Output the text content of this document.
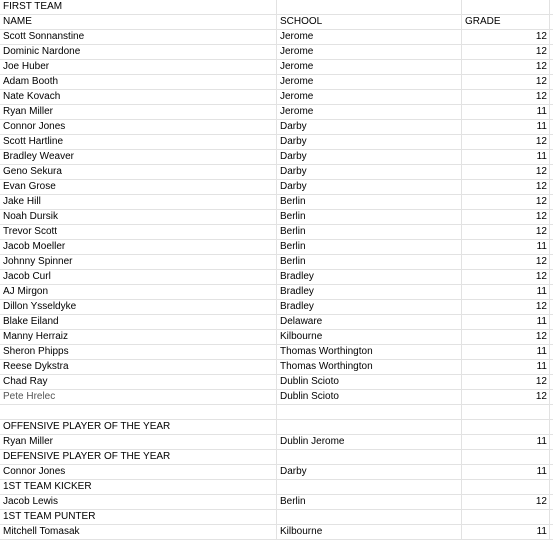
FIRST TEAM
NAME	SCHOOL	GRADE
Scott Sonnanstine	Jerome	12
Dominic Nardone	Jerome	12
Joe Huber	Jerome	12
Adam Booth	Jerome	12
Nate Kovach	Jerome	12
Ryan Miller	Jerome	11
Connor Jones	Darby	11
Scott Hartline	Darby	12
Bradley Weaver	Darby	11
Geno Sekura	Darby	12
Evan Grose	Darby	12
Jake Hill	Berlin	12
Noah Dursik	Berlin	12
Trevor Scott	Berlin	12
Jacob Moeller	Berlin	11
Johnny Spinner	Berlin	12
Jacob Curl	Bradley	12
AJ Mirgon	Bradley	11
Dillon Ysseldyke	Bradley	12
Blake Eiland	Delaware	11
Manny Herraiz	Kilbourne	12
Sheron Phipps	Thomas Worthington	11
Reese Dykstra	Thomas Worthington	11
Chad Ray	Dublin Scioto	12
Pete Hrelec	Dublin Scioto	12
OFFENSIVE PLAYER OF THE YEAR
Ryan Miller	Dublin Jerome	11
DEFENSIVE PLAYER OF THE YEAR
Connor Jones	Darby	11
1ST TEAM KICKER
Jacob Lewis	Berlin	12
1ST TEAM PUNTER
Mitchell Tomasak	Kilbourne	11
